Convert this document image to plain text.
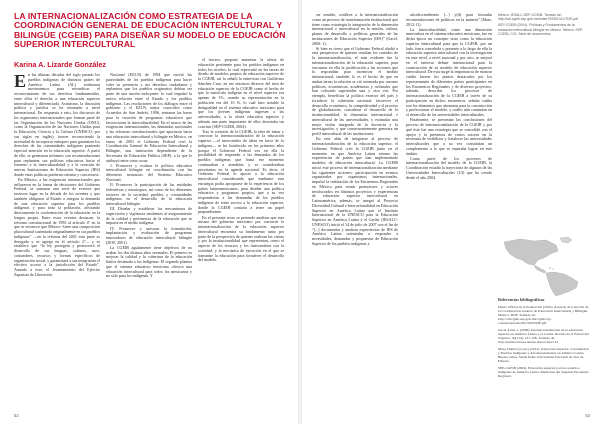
LA INTERNACIONALIZACIÓN COMO ESTRATEGIA DE LA COORDINACIÓN GENERAL DE EDUCACIÓN INTERCULTURAL Y BILINGÜE (CGEIB) PARA DISEÑAR SU MODELO DE EDUCACIÓN SUPERIOR INTERCULTURAL
Karina A. Lizarde González

En las últimas décadas del siglo pasado los pueblos indígenas de distintos países de América Latina (AL) realizaron movimientos para reivindicar el reconocimiento de sus derechos fundamentales, entre ellos el derecho a una educación superior intercultural y diferenciada. Asimismo, la discusión política y jurídica se ha retomado a nivel internacional. En respuesta a esto, los discursos de los organismos internacionales que forman parte de las Organización de las Naciones Unidas (ONU), como la Organización de las Naciones Unidas para la Educación, Ciencia y la Cultura (UNESCO, por sus siglas en inglés), fueron reconociendo la necesidad de incorporar enfoques para garantizar los derechos de las comunidades indígenas poniendo especial atención en la educación superior. A partir de ello, se generaron informes con recomendaciones para replantear sus políticas educativas hacia el fomento a la interculturalidad y a la creación de nuevas Instituciones de Educación Superior (IES) donde estas políticas pudieran orientar y concretarse.

En México, a las exigencias internacionales que influyeron en la forma de decisiones del Gobierno Federal, se sumaron una serie de eventos que tuvieron lugar en la década de los noventa y que también obligaron al Estado a integrar la demanda de una educación superior para los pueblos indígenas y para toda la población, afectando directamente la conformación de la educación en la lengua propia. Entre estos eventos destacan: la reforma constitucional de 1992 al artículo 4º en la que se reconoce que México “tiene una composición pluricultural sustentada originalmente en sus pueblos indígenas” —en la reforma del 2001 esta parte es derogada y se agrega en el artículo 2º— y se establece que “la ley protegerá y promoverá el desarrollo de sus lenguas, culturas, usos, costumbres, recursos y formas específicas de organización social, y garantizará a sus integrantes el efectivo acceso a la jurisdicción del Estado”. Aunado a esto, el levantamiento del Ejército Zapatista de Liberación

Nacional (EZLN) de 1994 que movió las pasividades de los pueblos indígenas para hacer valer su presencia y sus derechos ciudadanos y replantear que los pueblos originarios debían ser parte de una nación incluyente: lo cual impulsó la nueva relación entre el Estado y los pueblos indígenas. Las resoluciones de los diálogos entre el gobierno y el EZLN, mejor conocidos como Acuerdos de San Andrés, 1996, sentaron las bases para la creación de programas educativos que favorecieran la interculturalidad. En el marco de las exigencias internacionales, las demandas nacionales y las reformas constitucionales que aportaron hacia una educación intercultural y bilingüe en México, en enero de 2001 el Gobierno Federal creó la Coordinación General de Educación Intercultural y Bilingüe, una institución dependiente de la Secretaría de Educación Pública (SEP), a la que le atribuyó entre otras cosas:

1. Promover y evaluar la política educativa intercultural bilingüe en coordinación con las diferentes instancias del Sistema Educativo Nacional.

II. Promover la participación de las entidades federativas y municipios, así como de los diferentes sectores de la sociedad, pueblos y comunidades indígenas, en el desarrollo de la educación intercultural bilingüe.

III. Diseñar y establecer los mecanismos de supervisión y vigilancia tendientes al aseguramiento de la calidad y pertinencia de la educación que se imparta en el medio indígena.

IV. Promover y asesorar la formulación, implantación y evaluación de programas innovadores de educación intercultural bilingüe (DOF, 2001).

La CGEIB agudamente tiene objetivos de no acabar los dos últimos años sexenales. El primero es mejorar la calidad y la cobertura de la educación básica destinada a los indígenas. El segundo plantea que el sistema educativo mexicano ofrezca una educación intercultural para todos los mexicanos y no sólo para los indígenas. Y

el tercero, propone aumentar la oferta de educación pertinente para los pueblos indígenas en todos los niveles, lo cual repercutió en las tareas de diseño de modelos propios de educación superior de la CGEIB, así lo señaló la entrevista con Guillermo Sánchez Cruz, en ese entonces director del área de educación superior de la CGEIB como el hecho de que la matrícula indígena en el nivel superior era apenas de 1%, cuando su representación en la población era del 10 %, lo cual hizo notable la desigualdad en el sistema educativo mexicano para que los jóvenes indígenas ingresen a las universidades, a la oferta educativa superior y además una parte importante de ellos desertaba sin concluir (SEP-CGEIB, 2004).

Tras la creación de la CGEIB, la idea de instar y convocar la internacionalización de la educación superior —el intercambio de ideas en favor de lo indígena— se ha fortalecido en los primeros años porque el Gobierno Federal veo en ella la posibilidad de responder a las demandas de los pueblos indígenas que hasta ese momento continuaban a atendidas y se consideraban prioritarias en la agenda nacional. Es decir, el Gobierno Federal le apostó a la educación intercultural considerando que mediante esta estrategia podía apropiarse de la experiencia de los países latinoamericanos, para diseñar una política educativa y programas propios, que a su vez responderían a las demandas de los pueblos indígenas de tener acceso a la educación superior, donde la CGEIB contaría a tener un papel preponderante.

En el presente texto se pretende analizar que esta misma del gobierno mexicano por convertir la internacionalización de la educación superior intercultural encuentra su fundamento tanto por parte de la perspectiva de quienes realizan las visitas y por la institucionalidad que representan, como el aspecto de los recursos y los intercambios con la sociedad, y la mecánica de ejecución en el que se transmite la educación para fortalecer el desarrollo del modelo.

52

ser sentido, conlleva a la internacionalización como un proceso de transformación institucional que tiene como estrategia la integración de la dimensión internacional e intercultural en la misión, cultura, planes de desarrollo y políticas generales de las instituciones de Educación Superior (IES)” (Gacel, 2000: 1).

Si bien es cierto que el Gobierno Federal aludió a esta perspectiva de quienes resultan los variados de la internacionalización, el más evidente fue la internacionalización de la educación superior, para encontrar en ella la justificación a las acciones que lo respondían para incentivar el ámbito internacional, también lo es el hecho de que en ambas tareas la relación se vió orientada por razones políticas, económicas, académicas y culturales que han colocado suprimidas una y otra vez. Por ejemplo, beneficiar la política exterior del país y fortalecer la soberanía nacional; favorecer el desarrollo económico, la competitividad y el proceso de globalización; considerar el desarrollo de la institucionalidad, la dimensión internacional e intercultural de las universidades, y estimular una mejor visión integrada de la docencia y la investigación; y que consecuentemente generara un perfil intercultural de las instituciones.

En este afán de integrarse al proceso de internacionalización de la educación superior, el Gobierno Federal creó la CGEIB junto en el momento en que América Latina retoma las experiencias de países que han implementado modelos de educación intercultural. La CGEIB inició este proceso de internacionalización mediante las siguientes acciones: participación en eventos organizados por organismos internacionales, impulsó la realización de los Encuentros Regionales en México para reunir promotores y actores involucrados en distintos proyectos y experiencias de educación superior intercultural en Latinoamérica, además, se integró al Proyecto Diversidad Cultural e Interculturalidad en Educación Superior en América Latina que el Instituto Internacional de la UNESCO para la Educación Superior en América Latina y el Caribe (IESALC-UNESCO) inició el 14 de julio de 2007 con el fin de “[...] documentar y analizar experiencias de IES de América Latina orientadas a responder a necesidades, demandas y propuestas de Educación Superior de los pueblos indígenas y

afrodescendientes [...] y(d) para formular recomendaciones de políticas en la materia” (Mato, 2012:11).

La interculturalidad, como una dimensión innovadora en el sistema educativo mexicano, fue en dicha época un concepto visto como la educación superior intercultural para que la CGEIB, por un lado, fuera concebida y presente a lo largo de ella la educación superior intercultural con la investigación en este nivel, a nivel nacional y por otro, se mejoró en el interesa debate internacional para la construcción de su modelo de educación superior intercultural. De esta surge la importancia de mostrar cuáles fueron los puntos destacados por los representantes de diferentes países participantes en los Encuentros Regionales y de diversos proyectos, además, describir los procesos de internacionalización de la CGEIB a través de su participación en dichos encuentros, señalar cuáles son los elementos que abonaron para la construcción y perfeccionar el modelo, y cuáles aún continúan en el desarrollo de las universidades interculturales.

Finalmente, se presentan las conclusiones del proceso de internacionalización de la CGEIB y por qué éste fue una estrategia que se consolidó con el apoyo y la presencia de varios actores en la necesaria de visibilizar y fortalecer las universidades interculturales que a su vez constituían un complemento a lo que se esperaba lograr en este ámbito.

Como parte de los procesos de internacionalización del modelo de la CGEIB, la Coordinación estudió la trayectoria de algunas de las Universidades Interculturales (UI) que ha creado desde el año 2004.

México: IESALC-SEP-CGEIB. Tomado de: http://sdi.cgeib.sep.gob.mx/index?SSSS.M17S2E.pdf

SEP-CGEIB (2004). Políticas y Fundamentos de la educación intercultural bilingüe en México. México: SEP, CGEIB, COI. Serie de documentos.

Referencias bibliográficas
Diario Oficial de la Federación [2001]. Acuerdo de Creación de la Coordinación General de Educación Intercultural y Bilingüe. México: DOF. Tomado de: http://sdi.cgeib.sep.gob.mx/cgeib/wp-content/uploads/2013/06/DOF.pdf
Gacel Ávila, J. (2000). Internacionalización de la educación superior en América Latina y el Caribe. Revista de la Educación Superior, 29(114), 121-138. Tomado de: http://publicaciones.anuies.mx/revista/114
Mato, Daniel (coord.) (2012). Educación superior, Colonialidad y Pueblos Indígenas y Afrodescendientes en América Latina. Buenos Aires, Sáenz Peña: Universidad Nacional de Tres de Febrero.
SEP-CGEIB (2004). Educación superior para los pueblos indígenas de América Latina. Memorias del Segundo Encuentro Regional.
53
